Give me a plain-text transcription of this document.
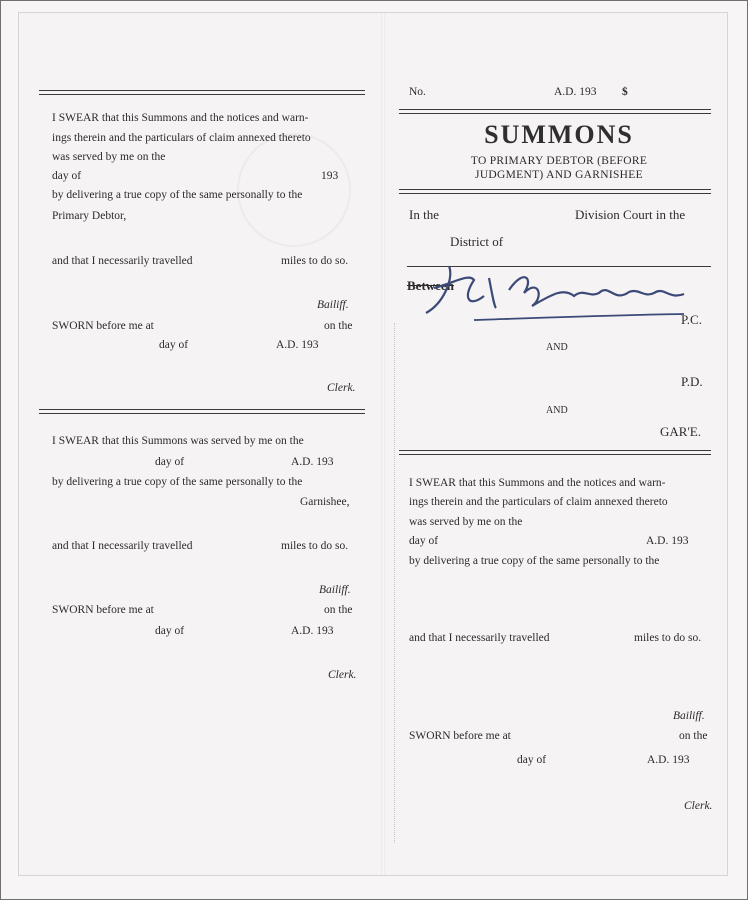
No.	A.D. 193 $
SUMMONS
TO PRIMARY DEBTOR (BEFORE
JUDGMENT) AND GARNISHEE
In the	Division Court in the
District of
Between
P.C.
AND
P.D.
AND
GAR'E.
I SWEAR that this Summons and the notices and warn-
ings therein and the particulars of claim annexed thereto
was served by me on the
day of	A.D. 193
by delivering a true copy of the same personally to the
and that I necessarily travelled	miles to do so.
Bailiff.
SWORN before me at	on the
day of	A.D. 193
Clerk.
I SWEAR that this Summons and the notices and warn-
ings therein and the particulars of claim annexed thereto
was served by me on the
day of	193
by delivering a true copy of the same personally to the
Primary Debtor,
and that I necessarily travelled	miles to do so.
Bailiff.
SWORN before me at	on the
day of	A.D. 193
Clerk.
I SWEAR that this Summons was served by me on the
day of	A.D. 193
by delivering a true copy of the same personally to the
Garnishee,
and that I necessarily travelled	miles to do so.
Bailiff.
SWORN before me at	on the
day of	A.D. 193
Clerk.
